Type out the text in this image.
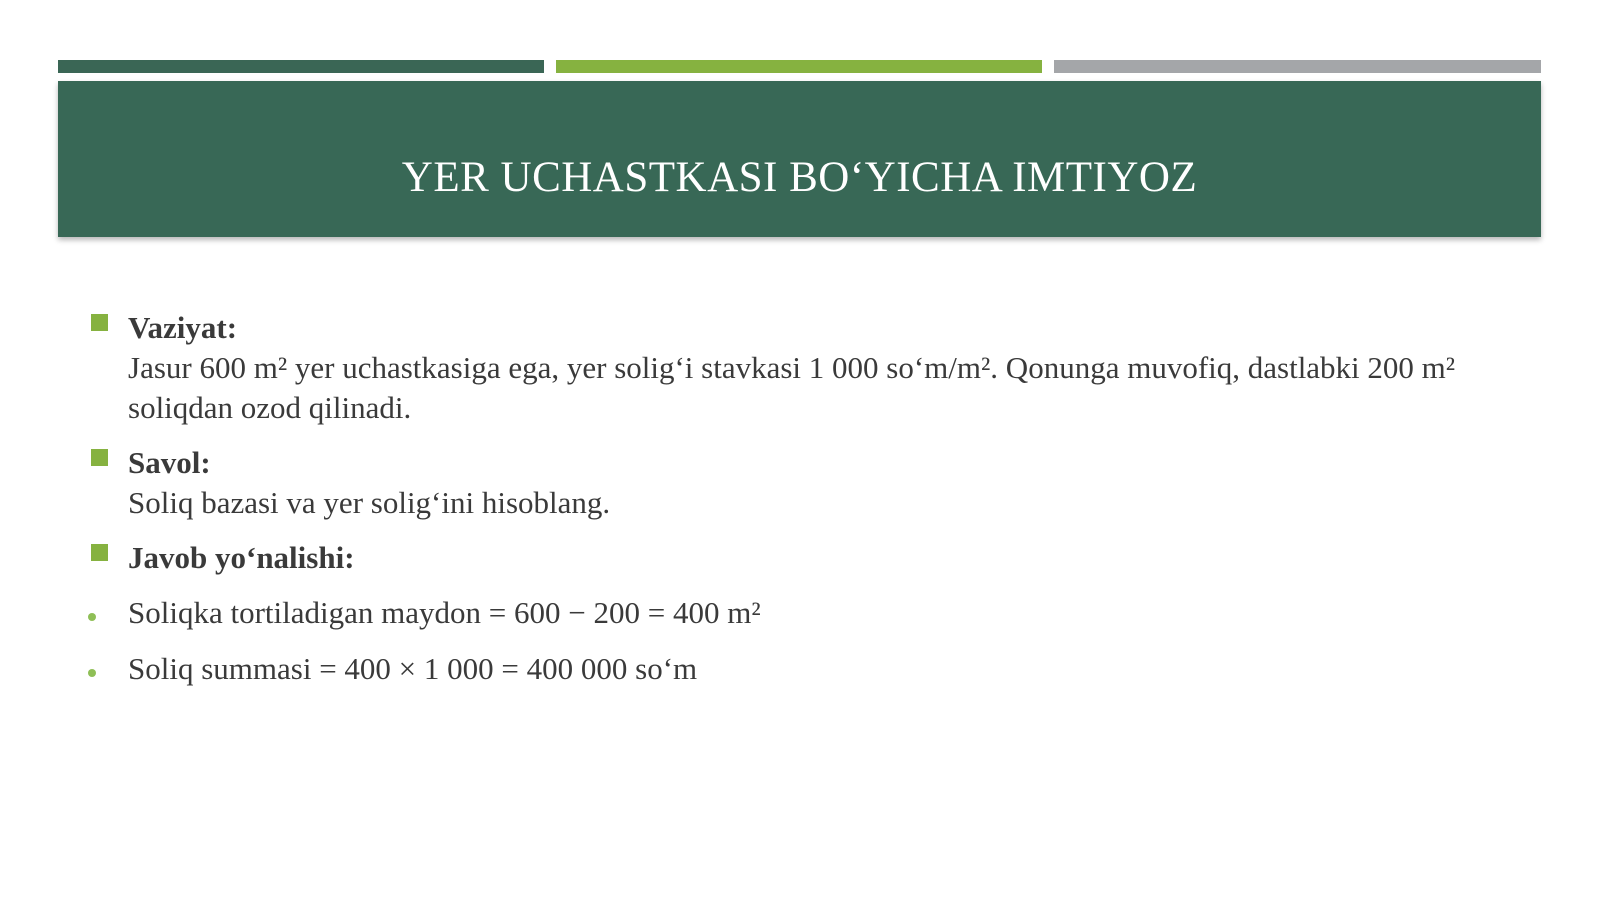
YER UCHASTKASI BO‘YICHA IMTIYOZ
Vaziyat:
Jasur 600 m² yer uchastkasiga ega, yer solig‘i stavkasi 1 000 so‘m/m². Qonunga muvofiq, dastlabki 200 m² soliqdan ozod qilinadi.
Savol:
Soliq bazasi va yer solig‘ini hisoblang.
Javob yo‘nalishi:
Soliqka tortiladigan maydon = 600 − 200 = 400 m²
Soliq summasi = 400 × 1 000 = 400 000 so‘m
